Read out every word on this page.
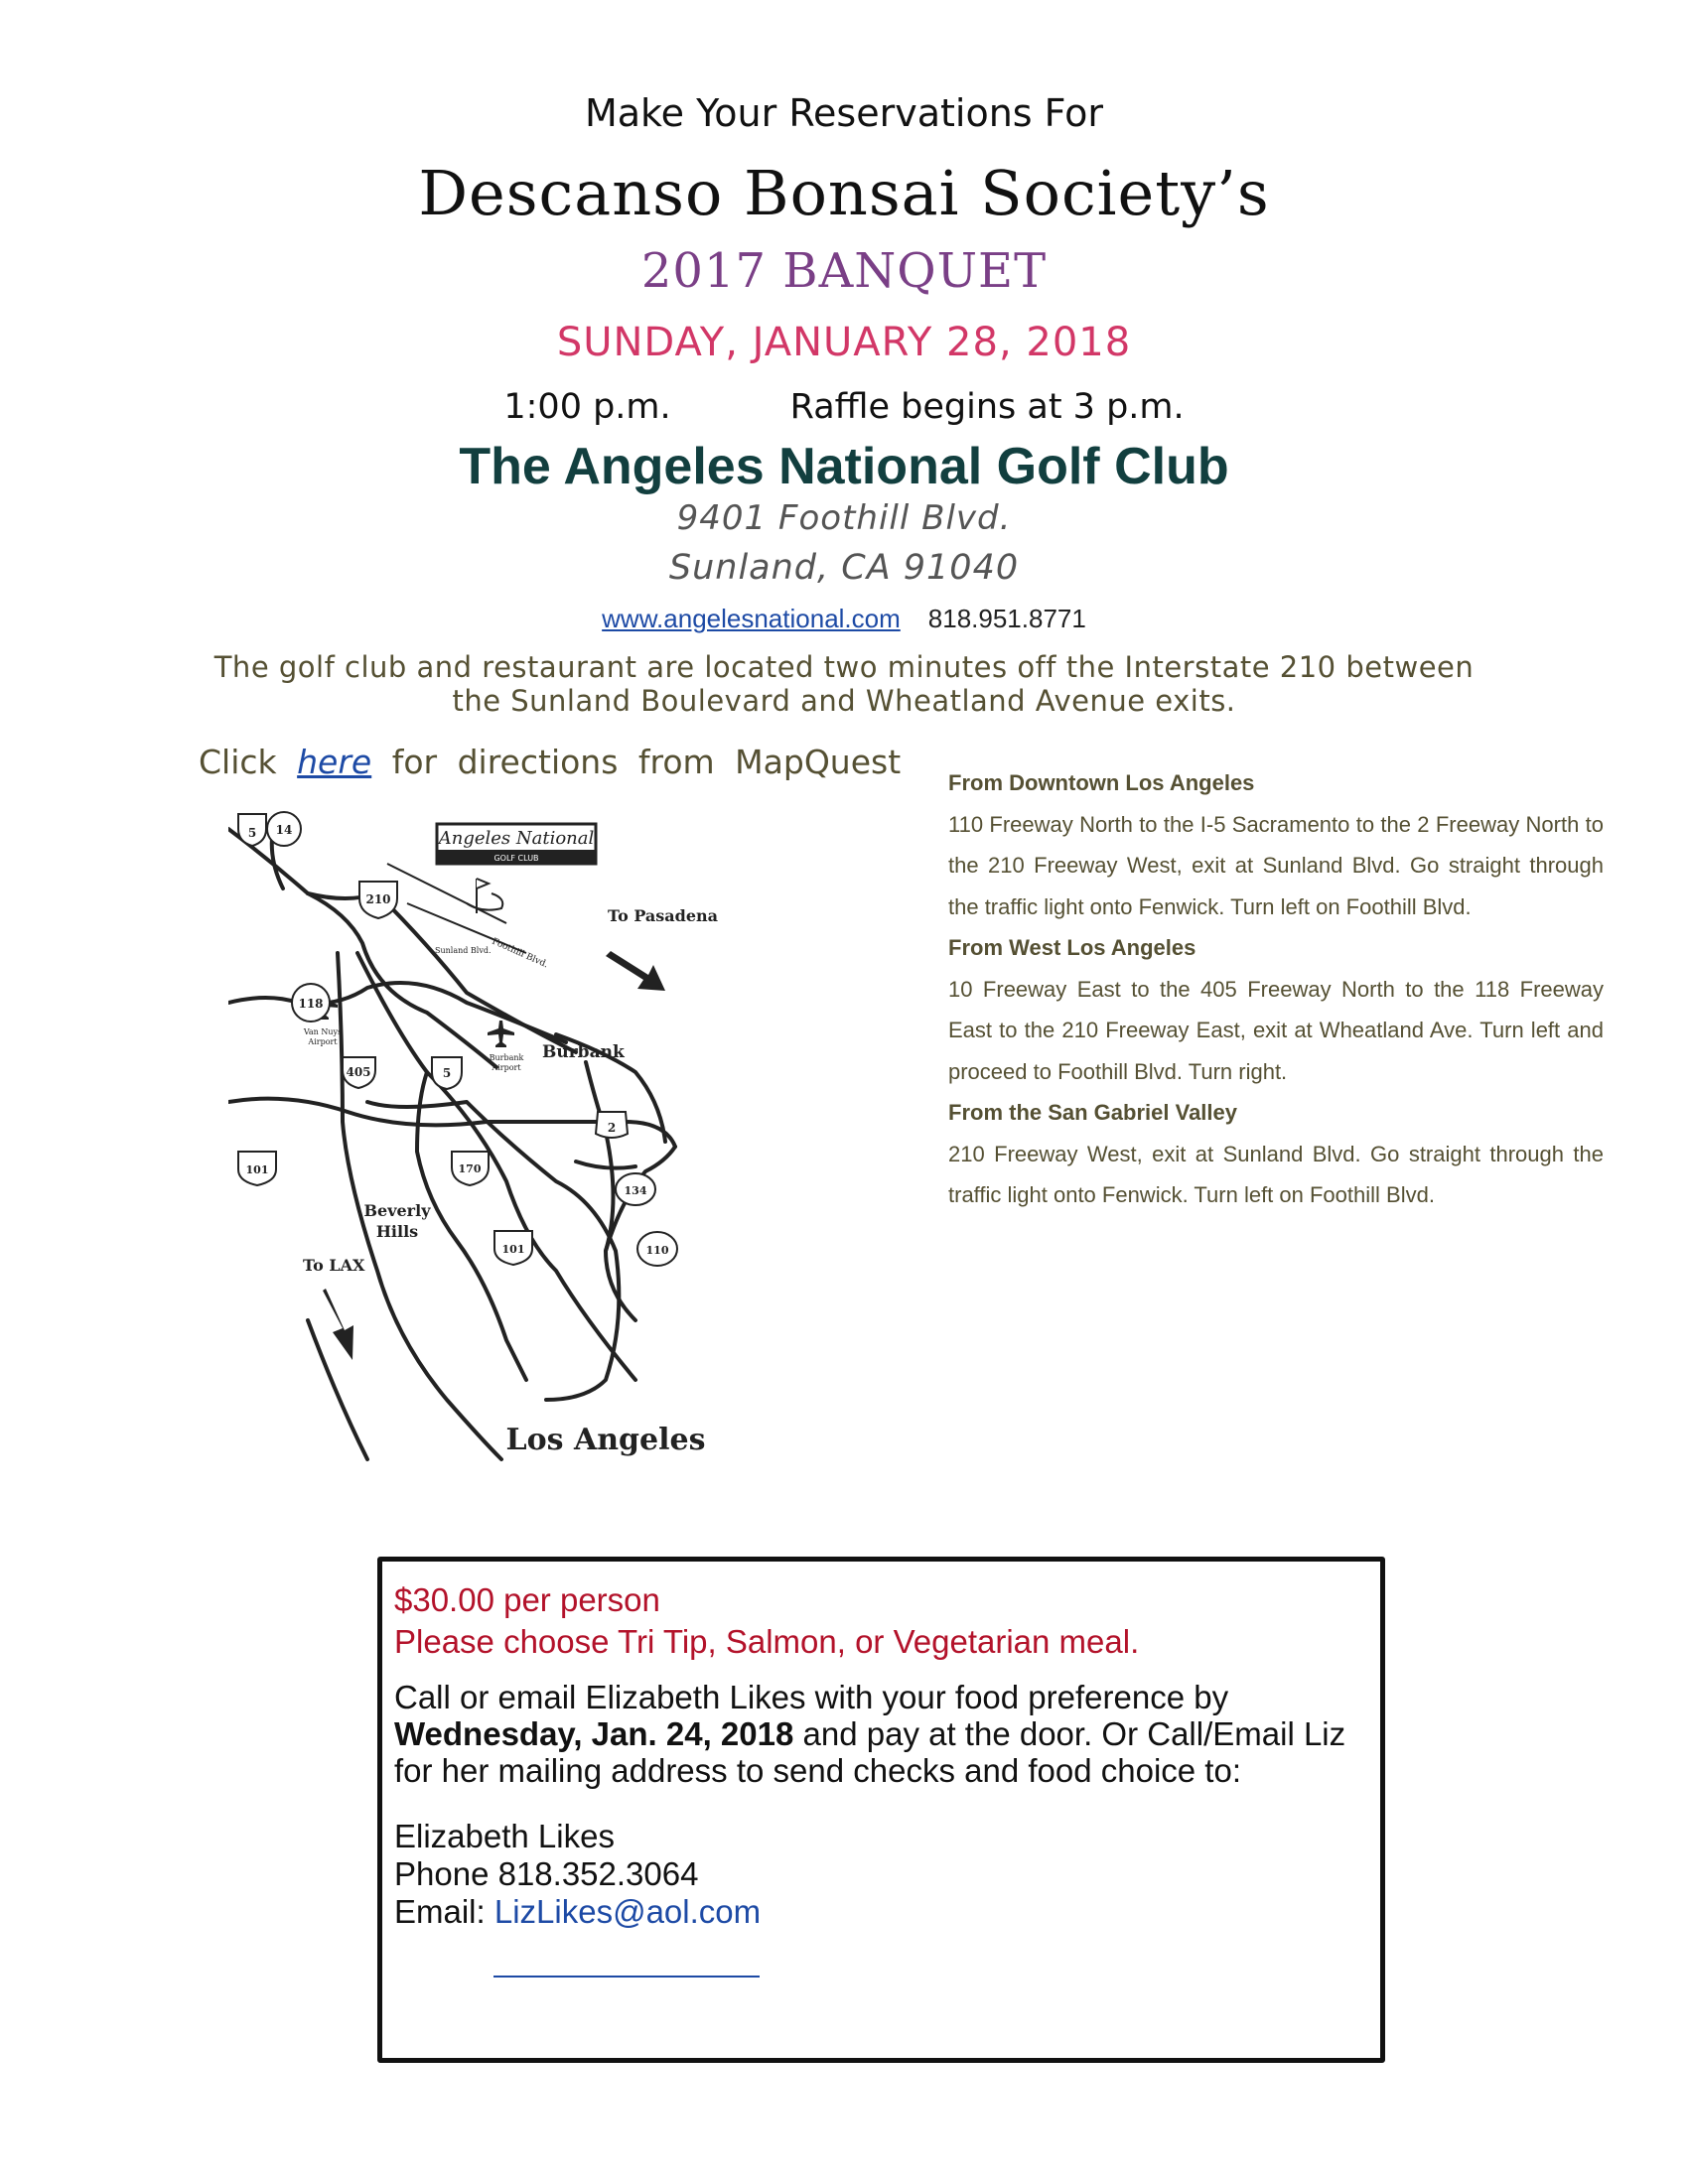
Make Your Reservations For
Descanso Bonsai Society’s
2017 BANQUET
SUNDAY, JANUARY 28, 2018
1:00 p.m.	Raffle begins at 3 p.m.
The Angeles National Golf Club
9401 Foothill Blvd.
Sunland, CA 91040
www.angelesnational.com 818.951.8771
The golf club and restaurant are located two minutes off the Interstate 210 between the Sunland Boulevard and Wheatland Avenue exits.
Click here for directions from MapQuest
Angeles National
GOLF CLUB
Foothill Blvd.
Sunland Blvd.
To Pasadena
Burbank
Burbank
Airport
Van Nuys
Airport
Beverly
Hills
To LAX
Los Angeles
5 14
210
118
405	5
2
170
101
134
101	110
From Downtown Los Angeles
110 Freeway North to the I-5 Sacramento to the 2 Freeway North to the 210 Freeway West, exit at Sunland Blvd. Go straight through the traffic light onto Fenwick. Turn left on Foothill Blvd.
From West Los Angeles
10 Freeway East to the 405 Freeway North to the 118 Freeway East to the 210 Freeway East, exit at Wheatland Ave. Turn left and proceed to Foothill Blvd. Turn right.
From the San Gabriel Valley
210 Freeway West, exit at Sunland Blvd. Go straight through the traffic light onto Fenwick. Turn left on Foothill Blvd.
$30.00 per person
Please choose Tri Tip, Salmon, or Vegetarian meal.
Call or email Elizabeth Likes with your food preference by
Wednesday, Jan. 24, 2018 and pay at the door. Or Call/Email Liz for her mailing address to send checks and food choice to:
Elizabeth Likes
Phone 818.352.3064
Email: LizLikes@aol.com
